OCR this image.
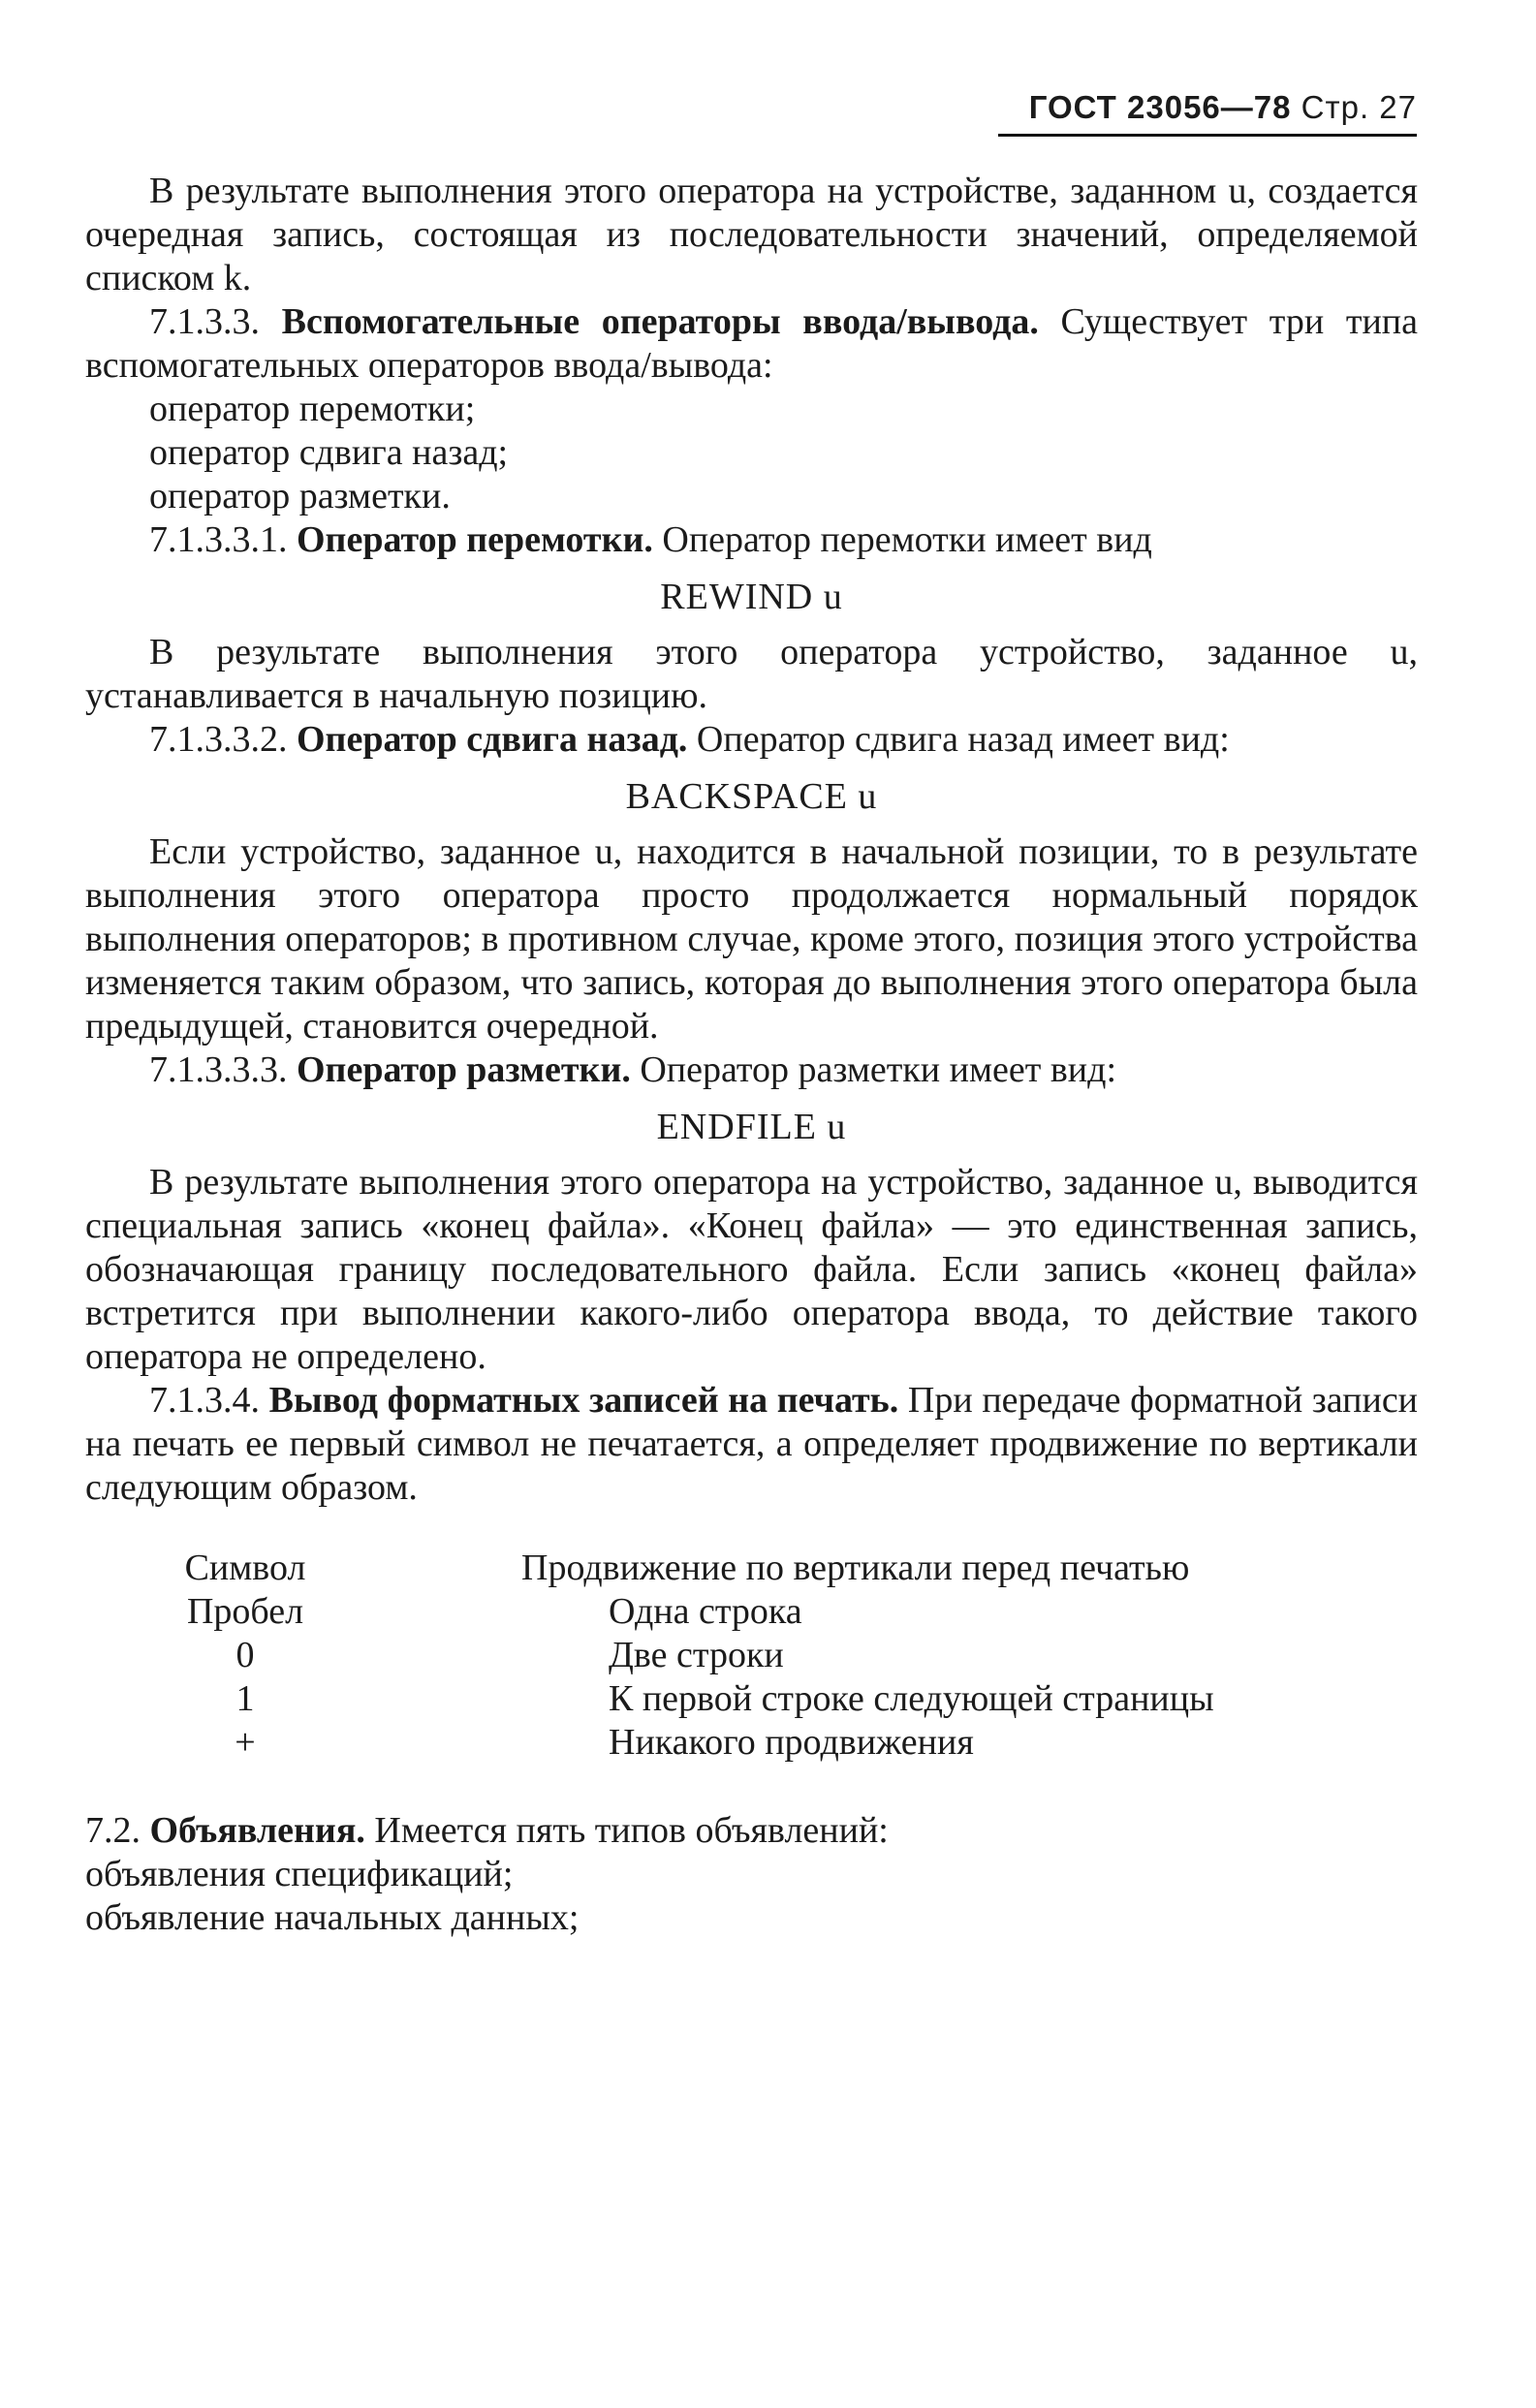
ГОСТ 23056—78 Стр. 27

В результате выполнения этого оператора на устройстве, заданном u, создается очередная запись, состоящая из последовательности значений, определяемой списком k.

7.1.3.3. Вспомогательные операторы ввода/вывода. Существует три типа вспомогательных операторов ввода/вывода:

оператор перемотки;
оператор сдвига назад;
оператор разметки.

7.1.3.3.1. Оператор перемотки. Оператор перемотки имеет вид

REWIND u

В результате выполнения этого оператора устройство, заданное u, устанавливается в начальную позицию.

7.1.3.3.2. Оператор сдвига назад. Оператор сдвига назад имеет вид:

BACKSPACE u

Если устройство, заданное u, находится в начальной позиции, то в результате выполнения этого оператора просто продолжается нормальный порядок выполнения операторов; в противном случае, кроме этого, позиция этого устройства изменяется таким образом, что запись, которая до выполнения этого оператора была предыдущей, становится очередной.

7.1.3.3.3. Оператор разметки. Оператор разметки имеет вид:

ENDFILE u

В результате выполнения этого оператора на устройство, заданное u, выводится специальная запись «конец файла». «Конец файла» — это единственная запись, обозначающая границу последовательного файла. Если запись «конец файла» встретится при выполнении какого-либо оператора ввода, то действие такого оператора не определено.

7.1.3.4. Вывод форматных записей на печать. При передаче форматной записи на печать ее первый символ не печатается, а определяет продвижение по вертикали следующим образом.

Символ		Продвижение по вертикали перед печатью

Пробел		Одна строка
0		Две строки
1		К первой строке следующей страницы
+		Никакого продвижения

7.2. Объявления. Имеется пять типов объявлений:

объявления спецификаций;
объявление начальных данных;
